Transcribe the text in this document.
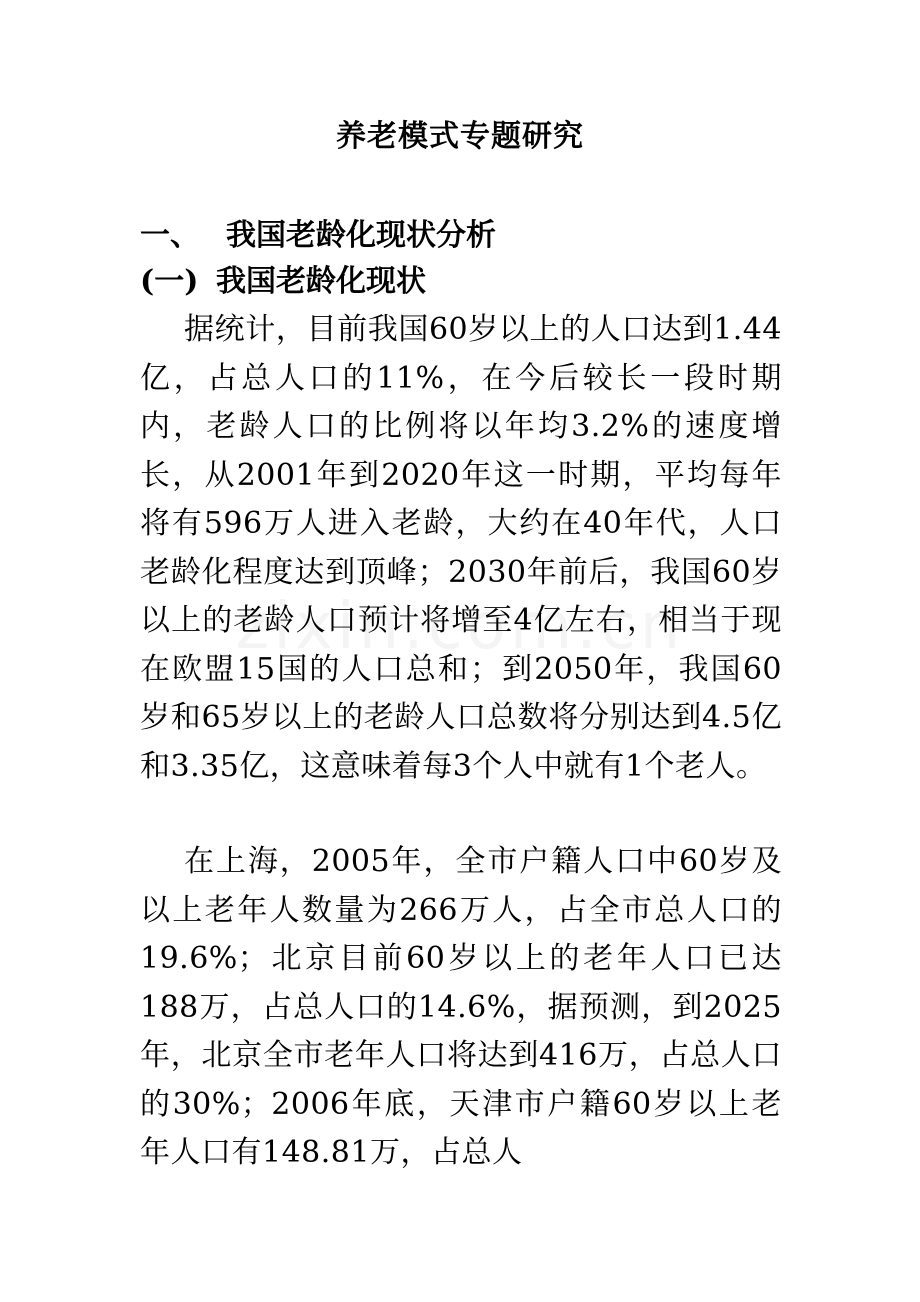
养老模式专题研究
一、 我国老龄化现状分析
(一) 我国老龄化现状

据统计，目前我国60岁以上的人口达到1.44亿，占总人口的11%，在今后较长一段时期内，老龄人口的比例将以年均3.2%的速度增长，从2001年到2020年这一时期，平均每年将有596万人进入老龄，大约在40年代，人口老龄化程度达到顶峰；2030年前后，我国60岁以上的老龄人口预计将增至4亿左右，相当于现在欧盟15国的人口总和；到2050年，我国60岁和65岁以上的老龄人口总数将分别达到4.5亿和3.35亿，这意味着每3个人中就有1个老人。

在上海，2005年，全市户籍人口中60岁及以上老年人数量为266万人，占全市总人口的19.6%；北京目前60岁以上的老年人口已达188万，占总人口的14.6%，据预测，到2025年，北京全市老年人口将达到416万，占总人口的30%；2006年底，天津市户籍60岁以上老年人口有148.81万，占总人
